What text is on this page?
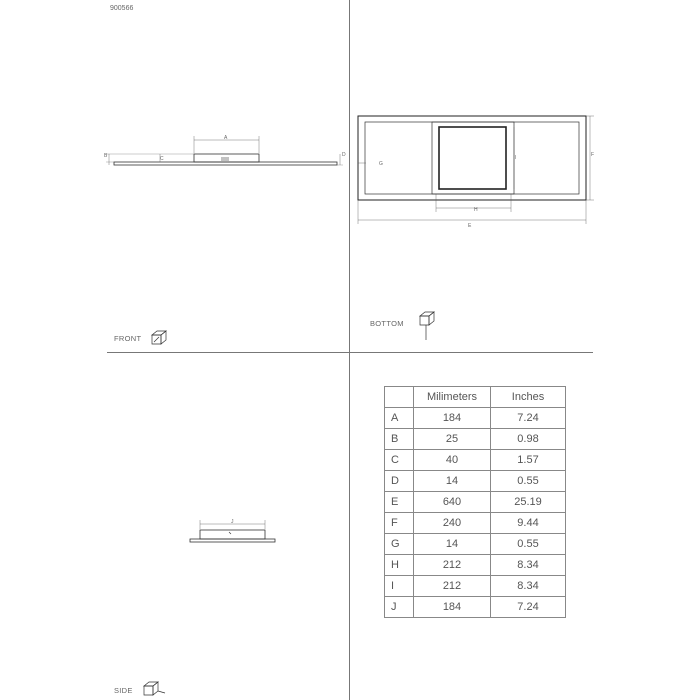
900566
A
B	C
D
E
F
G
H
I
J
FRONT
BOTTOM
SIDE
	Milimeters	Inches
A	184	7.24
B	25	0.98
C	40	1.57
D	14	0.55
E	640	25.19
F	240	9.44
G	14	0.55
H	212	8.34
I	212	8.34
J	184	7.24
